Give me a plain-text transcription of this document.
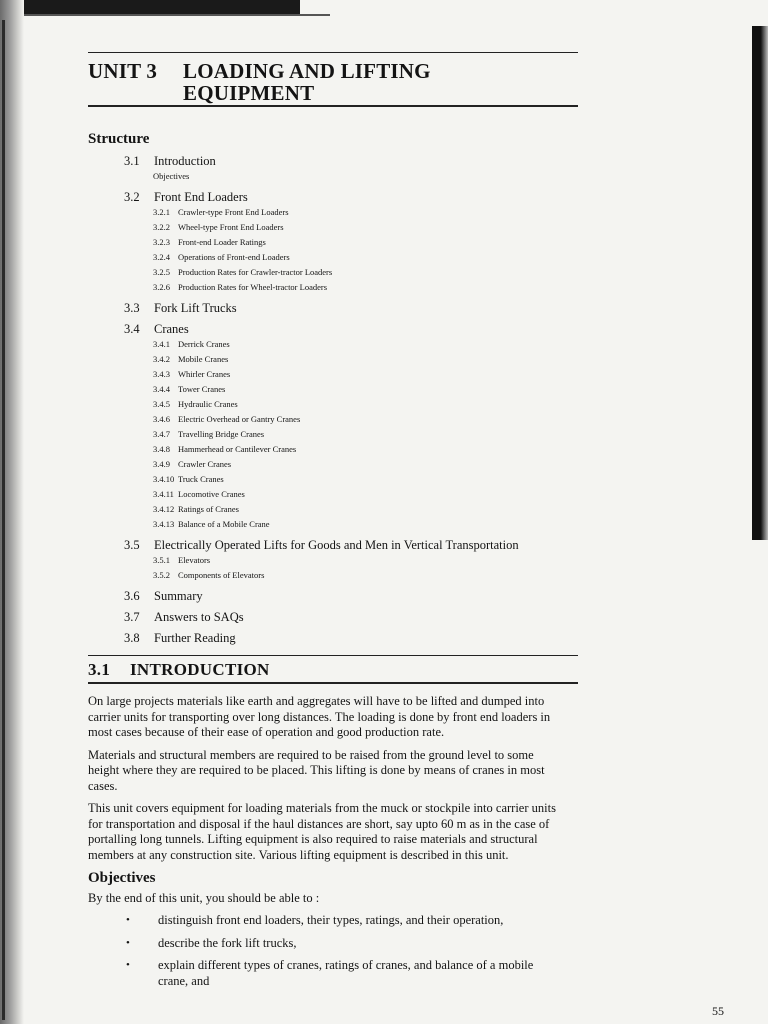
UNIT 3 LOADING AND LIFTING
EQUIPMENT
Structure
3.1	Introduction
Objectives
3.2	Front End Loaders
3.2.1 Crawler-type Front End Loaders
3.2.2 Wheel-type Front End Loaders
3.2.3 Front-end Loader Ratings
3.2.4 Operations of Front-end Loaders
3.2.5 Production Rates for Crawler-tractor Loaders
3.2.6 Production Rates for Wheel-tractor Loaders
3.3	Fork Lift Trucks
3.4	Cranes
3.4.1 Derrick Cranes
3.4.2 Mobile Cranes
3.4.3 Whirler Cranes
3.4.4 Tower Cranes
3.4.5 Hydraulic Cranes
3.4.6 Electric Overhead or Gantry Cranes
3.4.7 Travelling Bridge Cranes
3.4.8 Hammerhead or Cantilever Cranes
3.4.9 Crawler Cranes
3.4.10 Truck Cranes
3.4.11 Locomotive Cranes
3.4.12 Ratings of Cranes
3.4.13 Balance of a Mobile Crane
3.5	Electrically Operated Lifts for Goods and Men in Vertical Transportation
3.5.1 Elevators
3.5.2 Components of Elevators
3.6	Summary
3.7	Answers to SAQs
3.8	Further Reading
3.1 INTRODUCTION

On large projects materials like earth and aggregates will have to be lifted and dumped into carrier units for transporting over long distances. The loading is done by front end loaders in most cases because of their ease of operation and good production rate.

Materials and structural members are required to be raised from the ground level to some height where they are required to be placed. This lifting is done by means of cranes in most cases.

This unit covers equipment for loading materials from the muck or stockpile into carrier units for transportation and disposal if the haul distances are short, say upto 60 m as in the case of portalling long tunnels. Lifting equipment is also required to raise materials and structural members at any construction site. Various lifting equipment is described in this unit.

Objectives

By the end of this unit, you should be able to :

• distinguish front end loaders, their types, ratings, and their operation,
• describe the fork lift trucks,
• explain different types of cranes, ratings of cranes, and balance of a mobile crane, and
55
